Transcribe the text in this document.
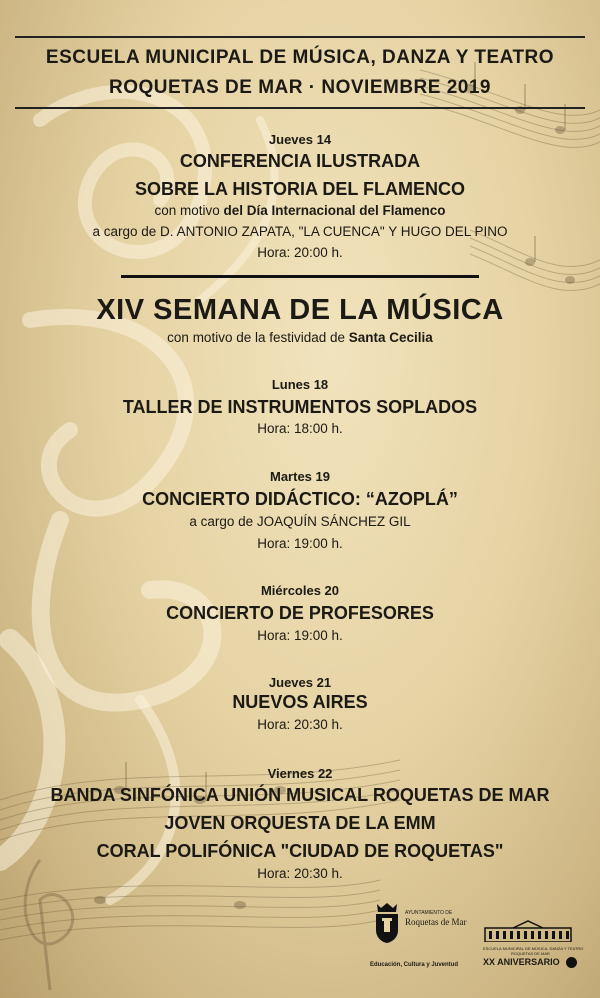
ESCUELA MUNICIPAL DE MÚSICA, DANZA Y TEATRO
ROQUETAS DE MAR · NOVIEMBRE 2019
Jueves 14
CONFERENCIA ILUSTRADA
SOBRE LA HISTORIA DEL FLAMENCO
con motivo del Día Internacional del Flamenco
a cargo de D. ANTONIO ZAPATA, "LA CUENCA" Y HUGO DEL PINO
Hora: 20:00 h.
XIV SEMANA DE LA MÚSICA
con motivo de la festividad de Santa Cecilia
Lunes 18
TALLER DE INSTRUMENTOS SOPLADOS
Hora: 18:00 h.
Martes 19
CONCIERTO DIDÁCTICO: “AZOPLÁ”
a cargo de JOAQUÍN SÁNCHEZ GIL
Hora: 19:00 h.
Miércoles 20
CONCIERTO DE PROFESORES
Hora: 19:00 h.
Jueves 21
NUEVOS AIRES
Hora: 20:30 h.
Viernes 22
BANDA SINFÓNICA UNIÓN MUSICAL ROQUETAS DE MAR
JOVEN ORQUESTA DE LA EMM
CORAL POLIFÓNICA "CIUDAD DE ROQUETAS"
Hora: 20:30 h.
AYUNTAMIENTO DE
Roquetas de Mar
Educación, Cultura y Juventud
ESCUELA MUNICIPAL DE MÚSICA, DANZA Y TEATRO
ROQUETAS DE MAR
XX ANIVERSARIO
